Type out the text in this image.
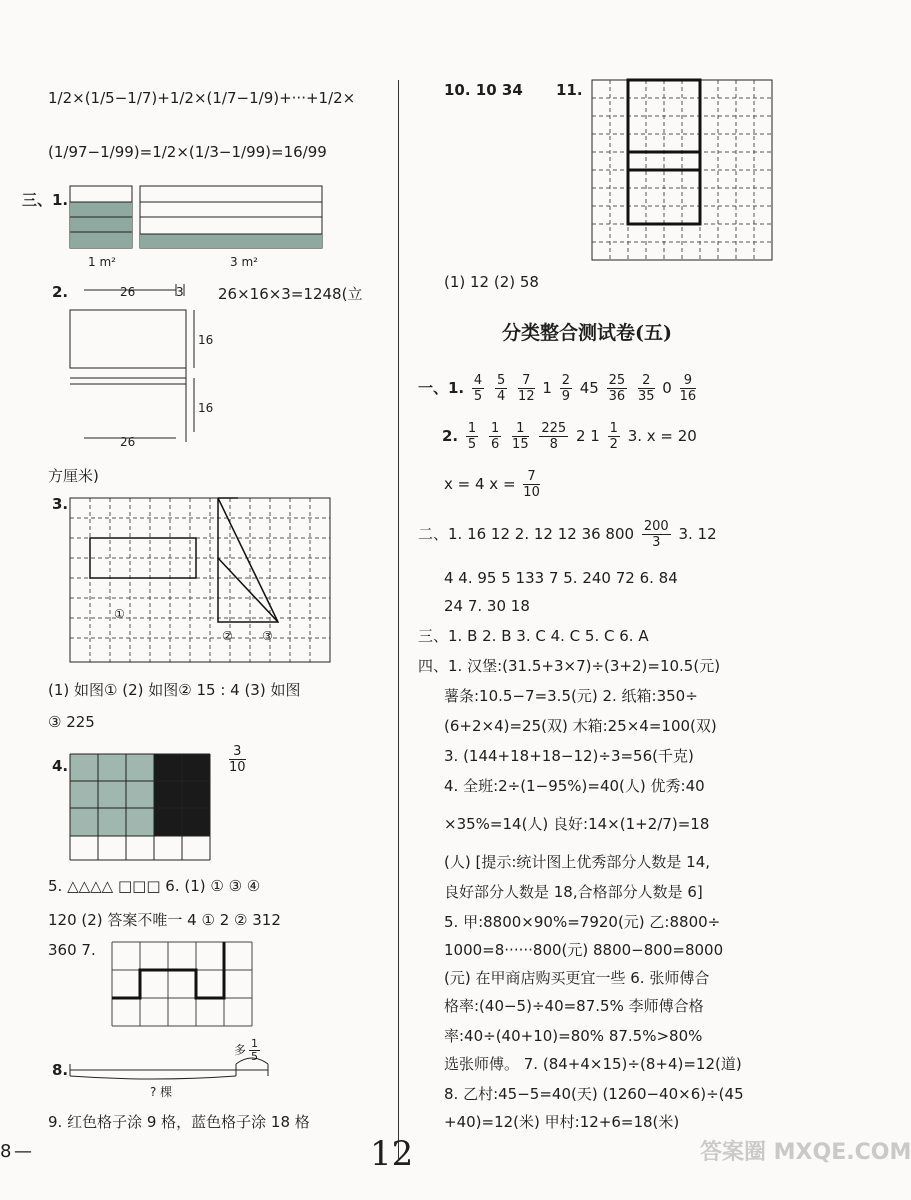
1/2×(1/5−1/7)+1/2×(1/7−1/9)+···+1/2×
(1/97−1/99)=1/2×(1/3−1/99)=16/99
三、1.
1 m²	3 m²
2.	26	3
16
16
26
26×16×3=1248(立
方厘米)
3.
①
② ③
(1) 如图① (2) 如图② 15 : 4 (3) 如图
③ 225
4.	$\frac{3}{10}$
5. △△△△ □□□ 6. (1) ① ③ ④
120 (2) 答案不唯一 4 ① 2 ② 312
360 7.
8.
? 棵
多 $\frac{1}{5}$
9. 红色格子涂 9 格，蓝色格子涂 18 格
8 —	12
10. 10 34 11.
(1) 12 (2) 58
分类整合测试卷(五)
一、1. $\frac{4}{5}$
$\frac{5}{4}$
$\frac{7}{12} 1 \frac{2}{9} 45 \frac{25}{36}$
$\frac{2}{35} 0 \frac{9}{16}$
2. $\frac{1}{5}$
$\frac{1}{6}$
$\frac{1}{15}$
$\frac{225}{8} 2$ $1 \frac{1}{2} 3$. x = 20
x = 4 $x = \frac{7}{10}$
二、1. 16 12 2. 12 12 36 $800 \frac{200}{3} 3$. 12
4 4. 95 5 133 7 5. 240 72 6. 84
24 7. 30 18
三、1. B 2. B 3. C 4. C 5. C 6. A
四、1. 汉堡:(31.5+3×7)÷(3+2)=10.5(元)
薯条:10.5−7=3.5(元) 2. 纸箱:350÷
(6+2×4)=25(双) 木箱:25×4=100(双)
3. (144+18+18−12)÷3=56(千克)
4. 全班:2÷(1−95%)=40(人) 优秀:40
×35%=14(人) 良好:14×(1+2/7)=18
(人) [提示:统计图上优秀部分人数是 14,
良好部分人数是 18,合格部分人数是 6]
5. 甲:8800×90%=7920(元) 乙:8800÷
1000=8······800(元) 8800−800=8000
(元) 在甲商店购买更宜一些 6. 张师傅合
格率:(40−5)÷40=87.5% 李师傅合格
率:40÷(40+10)=80% 87.5%>80%
选张师傅。 7. (84+4×15)÷(8+4)=12(道)
8. 乙村:45−5=40(天) (1260−40×6)÷(45
+40)=12(米) 甲村:12+6=18(米)
答案圈 MXQE.COM
